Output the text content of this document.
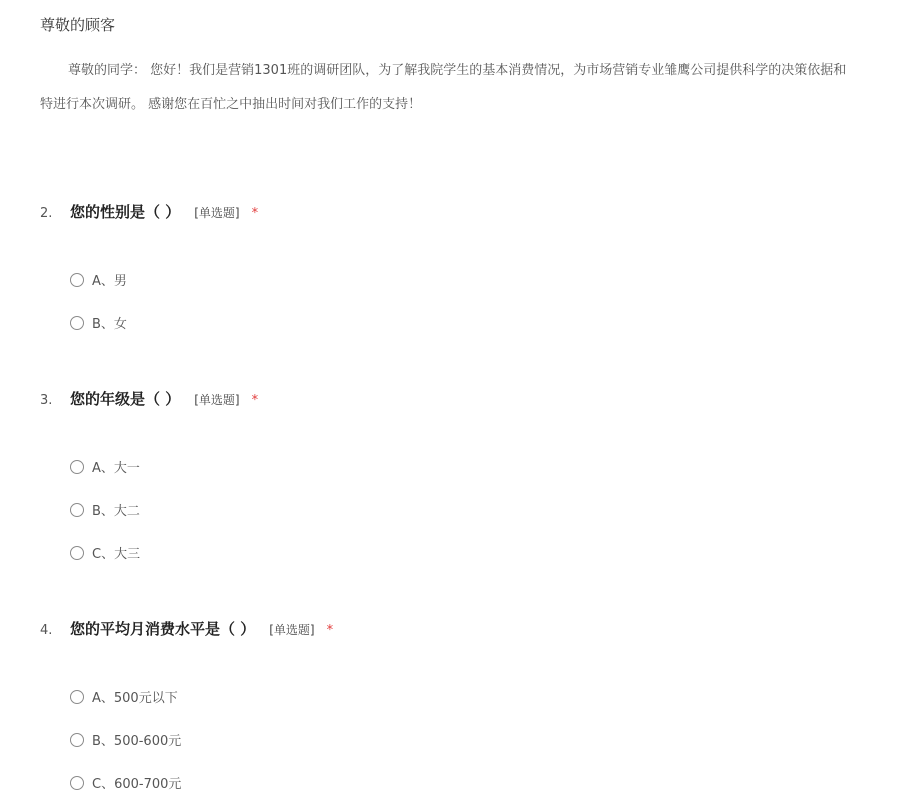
尊敬的顾客
尊敬的同学： 您好！我们是营销1301班的调研团队，为了解我院学生的基本消费情况，为市场营销专业雏鹰公司提供科学的决策依据和
特进行本次调研。 感谢您在百忙之中抽出时间对我们工作的支持！
2. 您的性别是（ ） [单选题] *
A、男
B、女
3. 您的年级是（ ） [单选题] *
A、大一
B、大二
C、大三
4. 您的平均月消费水平是（ ） [单选题] *
A、500元以下
B、500-600元
C、600-700元
